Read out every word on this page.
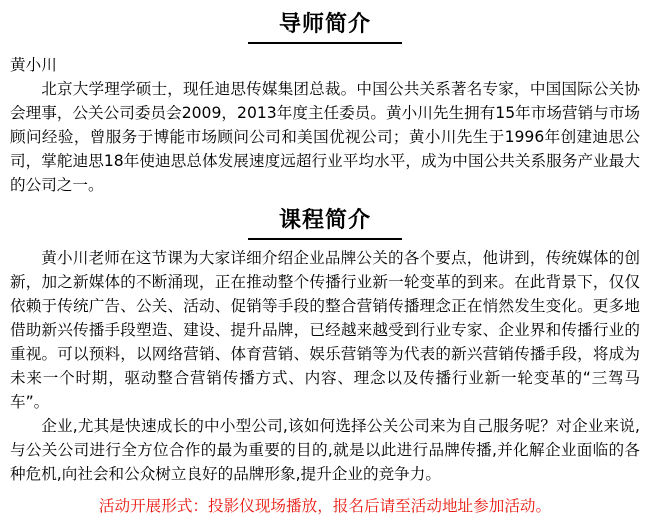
导师简介
黄小川

北京大学理学硕士，现任迪思传媒集团总裁。中国公共关系著名专家，中国国际公关协会理事，公关公司委员会2009，2013年度主任委员。黄小川先生拥有15年市场营销与市场顾问经验，曾服务于博能市场顾问公司和美国优视公司；黄小川先生于1996年创建迪思公司，掌舵迪思18年使迪思总体发展速度远超行业平均水平，成为中国公共关系服务产业最大的公司之一。

课程简介

黄小川老师在这节课为大家详细介绍企业品牌公关的各个要点，他讲到，传统媒体的创新，加之新媒体的不断涌现，正在推动整个传播行业新一轮变革的到来。在此背景下，仅仅依赖于传统广告、公关、活动、促销等手段的整合营销传播理念正在悄然发生变化。更多地借助新兴传播手段塑造、建设、提升品牌，已经越来越受到行业专家、企业界和传播行业的重视。可以预料，以网络营销、体育营销、娱乐营销等为代表的新兴营销传播手段，将成为未来一个时期，驱动整合营销传播方式、内容、理念以及传播行业新一轮变革的“三驾马车”。

企业,尤其是快速成长的中小型公司,该如何选择公关公司来为自己服务呢？对企业来说,与公关公司进行全方位合作的最为重要的目的,就是以此进行品牌传播,并化解企业面临的各种危机,向社会和公众树立良好的品牌形象,提升企业的竞争力。

活动开展形式：投影仪现场播放，报名后请至活动地址参加活动。
